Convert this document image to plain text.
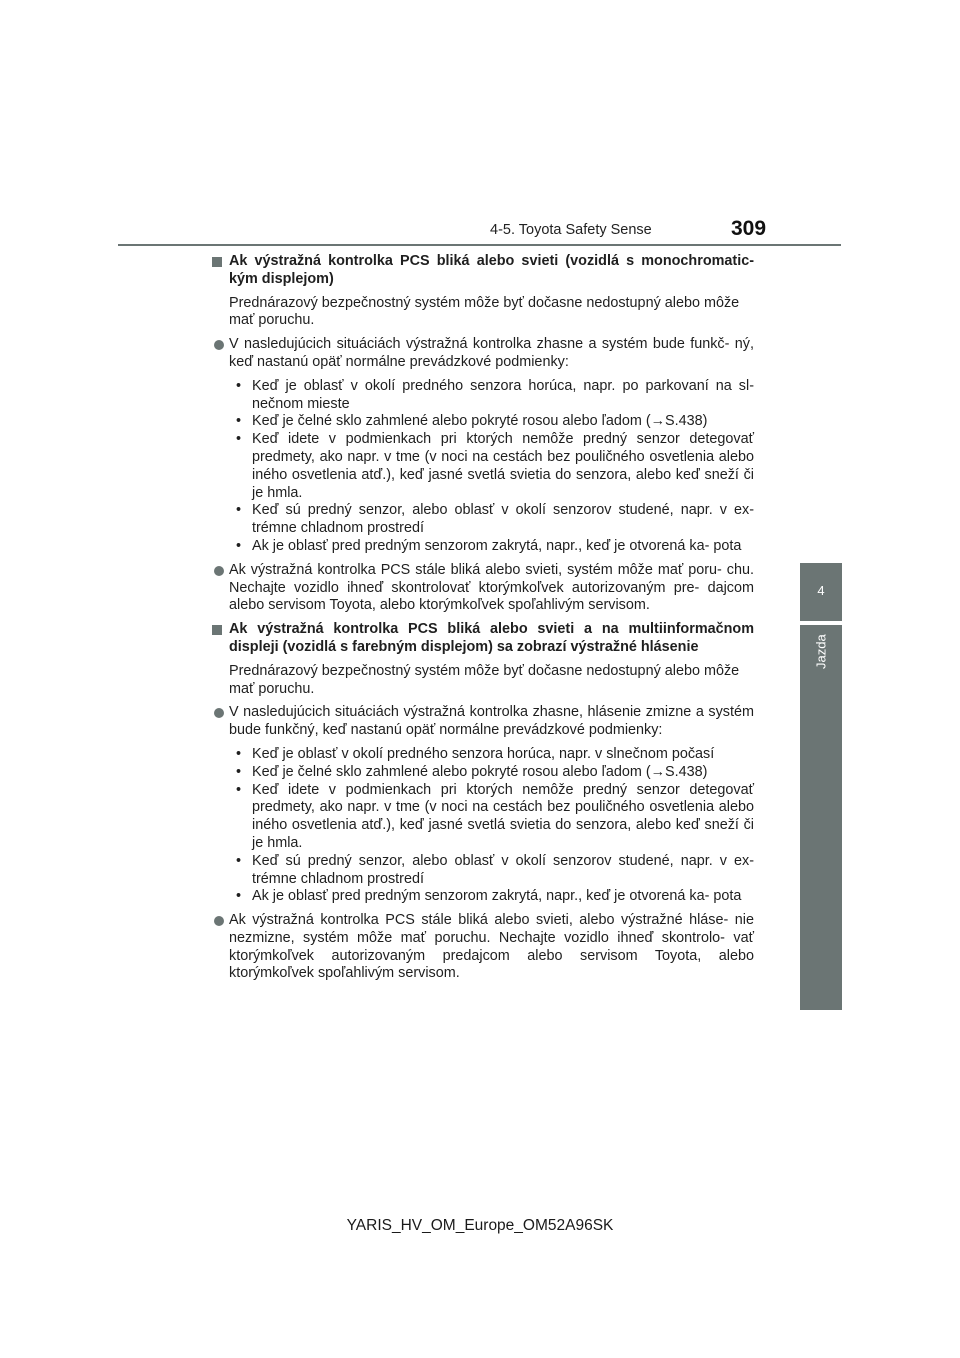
4-5. Toyota Safety Sense	309
4
Jazda
Ak výstražná kontrolka PCS bliká alebo svieti (vozidlá s monochromatic- kým displejom)
Prednárazový bezpečnostný systém môže byť dočasne nedostupný alebo môže mať poruchu.
V nasledujúcich situáciách výstražná kontrolka zhasne a systém bude funkč- ný, keď nastanú opäť normálne prevádzkové podmienky:
• Keď je oblasť v okolí predného senzora horúca, napr. po parkovaní na sl- nečnom mieste
• Keď je čelné sklo zahmlené alebo pokryté rosou alebo ľadom (→S.438)
• Keď idete v podmienkach pri ktorých nemôže predný senzor detegovať predmety, ako napr. v tme (v noci na cestách bez pouličného osvetlenia alebo iného osvetlenia atď.), keď jasné svetlá svietia do senzora, alebo keď sneží či je hmla.
• Keď sú predný senzor, alebo oblasť v okolí senzorov studené, napr. v ex- trémne chladnom prostredí
• Ak je oblasť pred predným senzorom zakrytá, napr., keď je otvorená ka- pota
Ak výstražná kontrolka PCS stále bliká alebo svieti, systém môže mať poru- chu. Nechajte vozidlo ihneď skontrolovať ktorýmkoľvek autorizovaným pre- dajcom alebo servisom Toyota, alebo ktorýmkoľvek spoľahlivým servisom.
Ak výstražná kontrolka PCS bliká alebo svieti a na multiinformačnom displeji (vozidlá s farebným displejom) sa zobrazí výstražné hlásenie
Prednárazový bezpečnostný systém môže byť dočasne nedostupný alebo môže mať poruchu.
V nasledujúcich situáciách výstražná kontrolka zhasne, hlásenie zmizne a systém bude funkčný, keď nastanú opäť normálne prevádzkové podmienky:
• Keď je oblasť v okolí predného senzora horúca, napr. v slnečnom počasí
• Keď je čelné sklo zahmlené alebo pokryté rosou alebo ľadom (→S.438)
• Keď idete v podmienkach pri ktorých nemôže predný senzor detegovať predmety, ako napr. v tme (v noci na cestách bez pouličného osvetlenia alebo iného osvetlenia atď.), keď jasné svetlá svietia do senzora, alebo keď sneží či je hmla.
• Keď sú predný senzor, alebo oblasť v okolí senzorov studené, napr. v ex- trémne chladnom prostredí
• Ak je oblasť pred predným senzorom zakrytá, napr., keď je otvorená ka- pota
Ak výstražná kontrolka PCS stále bliká alebo svieti, alebo výstražné hláse- nie nezmizne, systém môže mať poruchu. Nechajte vozidlo ihneď skontrolo- vať ktorýmkoľvek autorizovaným predajcom alebo servisom Toyota, alebo ktorýmkoľvek spoľahlivým servisom.
YARIS_HV_OM_Europe_OM52A96SK
